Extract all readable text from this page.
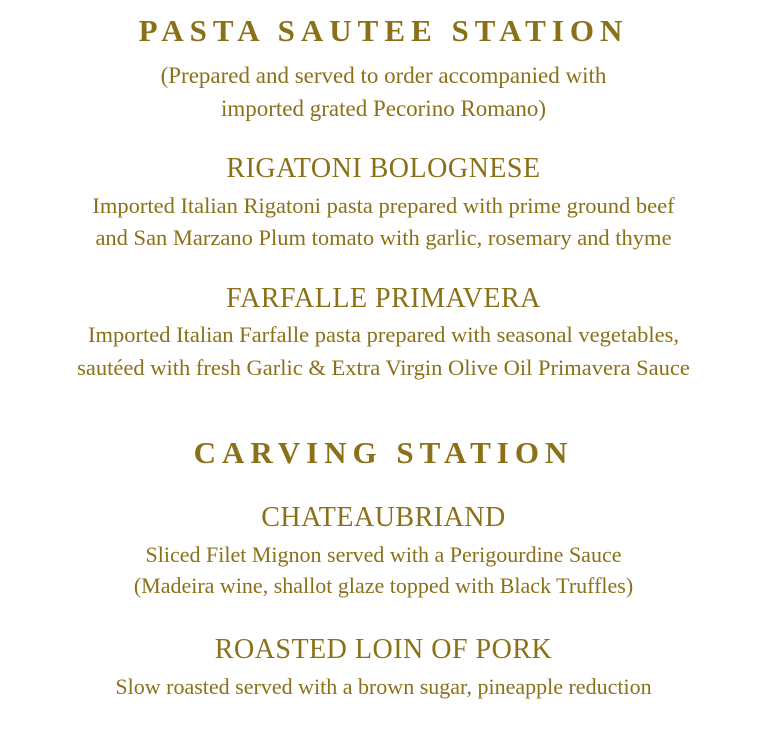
PASTA SAUTEE STATION

(Prepared and served to order accompanied with
imported grated Pecorino Romano)

RIGATONI BOLOGNESE

Imported Italian Rigatoni pasta prepared with prime ground beef
and San Marzano Plum tomato with garlic, rosemary and thyme

FARFALLE PRIMAVERA

Imported Italian Farfalle pasta prepared with seasonal vegetables,
sautéed with fresh Garlic & Extra Virgin Olive Oil Primavera Sauce

CARVING STATION
CHATEAUBRIAND

Sliced Filet Mignon served with a Perigourdine Sauce
(Madeira wine, shallot glaze topped with Black Truffles)

ROASTED LOIN OF PORK

Slow roasted served with a brown sugar, pineapple reduction
